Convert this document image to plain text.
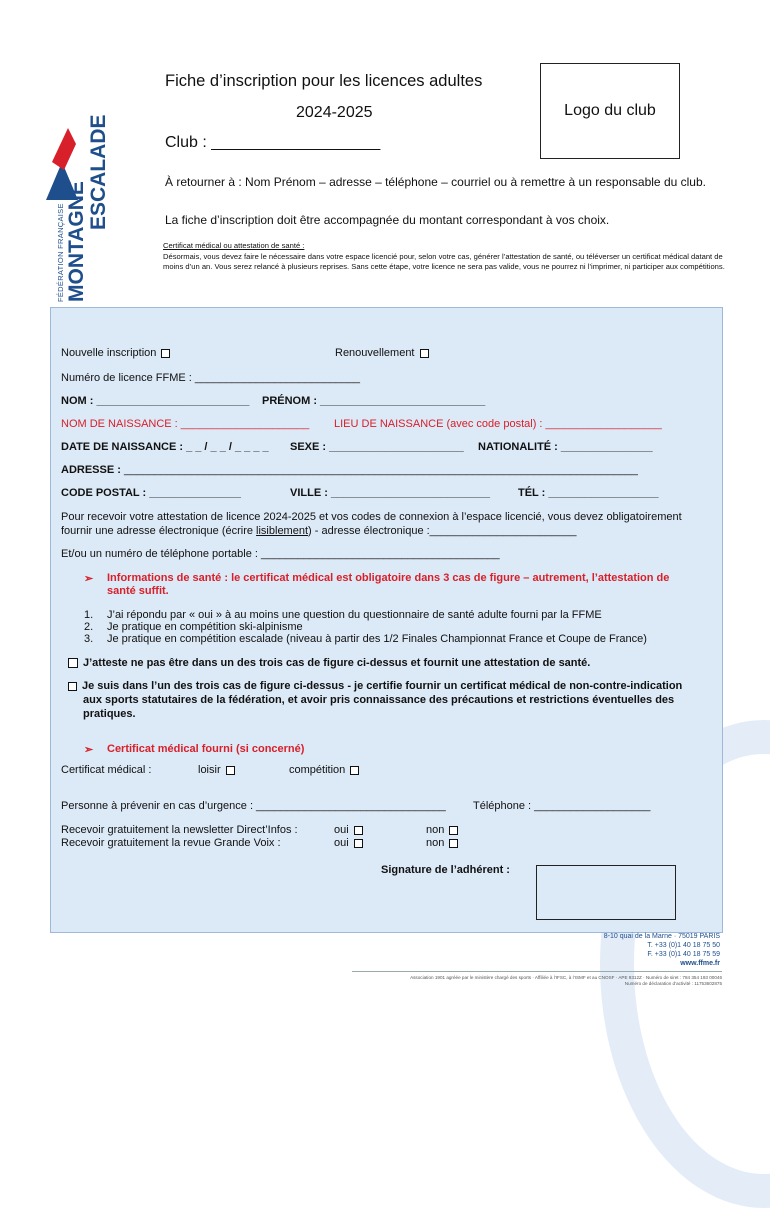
FÉDÉRATION FRANÇAISE MONTAGNE
ESCALADE
Fiche d’inscription pour les licences adultes
2024-2025
Club : ___________________
Logo du club
À retourner à : Nom Prénom – adresse – téléphone – courriel ou à remettre à un responsable du club.
La fiche d’inscription doit être accompagnée du montant correspondant à vos choix.
Certificat médical ou attestation de santé :
Désormais, vous devez faire le nécessaire dans votre espace licencié pour, selon votre cas, générer l’attestation de santé, ou téléverser un certificat médical datant de moins d’un an. Vous serez relancé à plusieurs reprises. Sans cette étape, votre licence ne sera pas valide, vous ne pourrez ni l’imprimer, ni participer aux compétitions.
Nouvelle inscription	Renouvellement
Numéro de licence FFME : ___________________________
NOM : _________________________ PRÉNOM : ___________________________
NOM DE NAISSANCE : _____________________ LIEU DE NAISSANCE (avec code postal) : ___________________
DATE DE NAISSANCE : _ _ / _ _ / _ _ _ _ SEXE : ______________________ NATIONALITÉ : _______________
ADRESSE : ____________________________________________________________________________________
CODE POSTAL : _______________	VILLE : __________________________	TÉL : __________________
Pour recevoir votre attestation de licence 2024-2025 et vos codes de connexion à l’espace licencié, vous devez obligatoirement
fournir une adresse électronique (écrire lisiblement) - adresse électronique :________________________
Et/ou un numéro de téléphone portable : _______________________________________
➢ Informations de santé : le certificat médical est obligatoire dans 3 cas de figure – autrement, l’attestation de
santé suffit.
1. J’ai répondu par « oui » à au moins une question du questionnaire de santé adulte fourni par la FFME
2. Je pratique en compétition ski-alpinisme
3. Je pratique en compétition escalade (niveau à partir des 1/2 Finales Championnat France et Coupe de France)
J’atteste ne pas être dans un des trois cas de figure ci-dessus et fournit une attestation de santé.
Je suis dans l’un des trois cas de figure ci-dessus - je certifie fournir un certificat médical de non-contre-indication
aux sports statutaires de la fédération, et avoir pris connaissance des précautions et restrictions éventuelles des
pratiques.
➢ Certificat médical fourni (si concerné)
Certificat médical :	loisir	compétition
Personne à prévenir en cas d’urgence : _______________________________ Téléphone : ___________________
Recevoir gratuitement la newsletter Direct’Infos :	oui	non
Recevoir gratuitement la revue Grande Voix :	oui	non
Signature de l’adhérent :
8-10 quai de la Marne · 75019 PARIS
T. +33 (0)1 40 18 75 50
F. +33 (0)1 40 18 75 59
www.ffme.fr
Association 1901 agréée par le ministère chargé des sports · Affiliée à l’IFSC, à l’ISMF et au CNOSF · APE 9312Z · Numéro de siret : 784 354 193 00046
Numéro de déclaration d’activité : 11753602875
